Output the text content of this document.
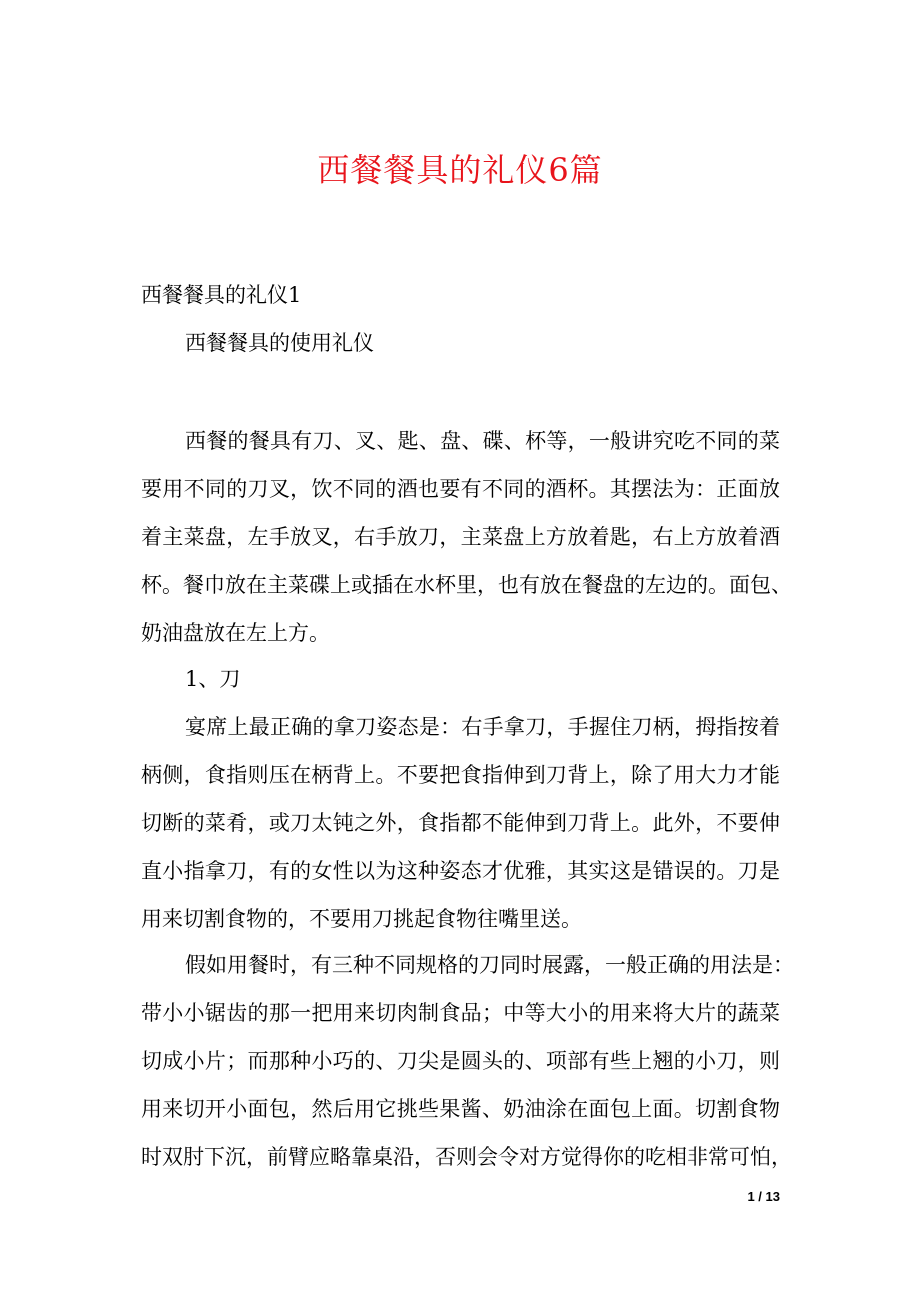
西餐餐具的礼仪6篇
西餐餐具的礼仪1
西餐餐具的使用礼仪
西餐的餐具有刀、叉、匙、盘、碟、杯等，一般讲究吃不同的菜
要用不同的刀叉，饮不同的酒也要有不同的酒杯。其摆法为：正面放
着主菜盘，左手放叉，右手放刀，主菜盘上方放着匙，右上方放着酒
杯。餐巾放在主菜碟上或插在水杯里，也有放在餐盘的左边的。面包、
奶油盘放在左上方。
1、刀
宴席上最正确的拿刀姿态是：右手拿刀，手握住刀柄，拇指按着
柄侧，食指则压在柄背上。不要把食指伸到刀背上，除了用大力才能
切断的菜肴，或刀太钝之外，食指都不能伸到刀背上。此外，不要伸
直小指拿刀，有的女性以为这种姿态才优雅，其实这是错误的。刀是
用来切割食物的，不要用刀挑起食物往嘴里送。
假如用餐时，有三种不同规格的刀同时展露，一般正确的用法是：
带小小锯齿的那一把用来切肉制食品；中等大小的用来将大片的蔬菜
切成小片；而那种小巧的、刀尖是圆头的、项部有些上翘的小刀，则
用来切开小面包，然后用它挑些果酱、奶油涂在面包上面。切割食物
时双肘下沉，前臂应略靠桌沿，否则会令对方觉得你的吃相非常可怕，
1 / 13
